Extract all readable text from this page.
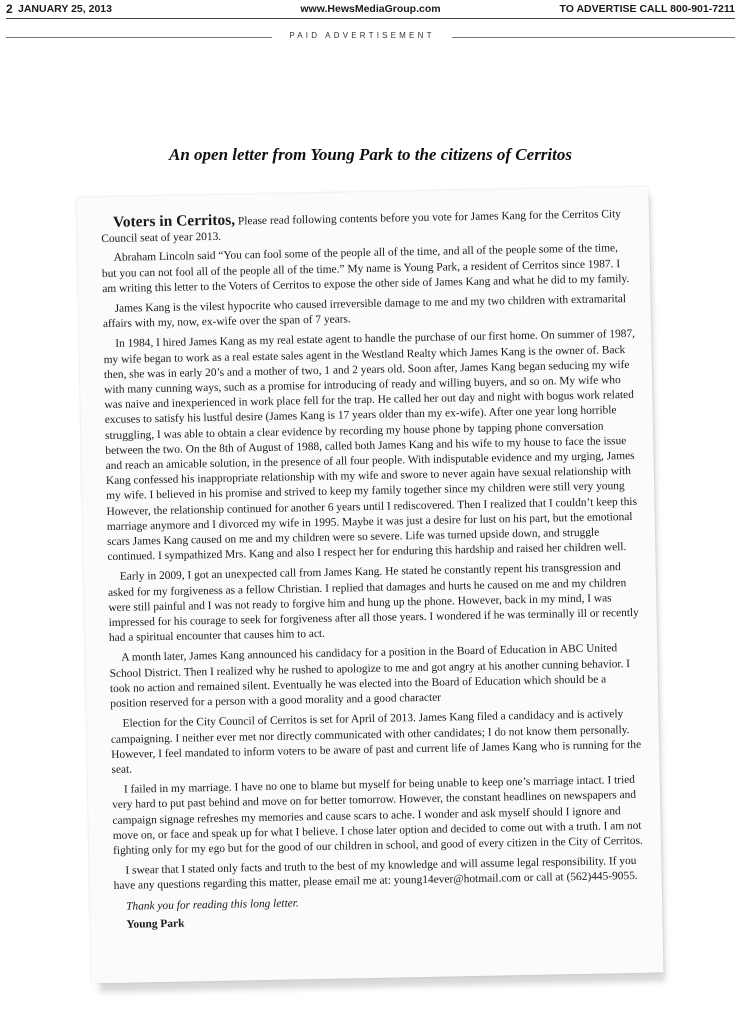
2 JANUARY 25, 2013	www.HewsMediaGroup.com	TO ADVERTISE CALL 800-901-7211
PAID ADVERTISEMENT
An open letter from Young Park to the citizens of Cerritos

Voters in Cerritos, Please read following contents before you vote for James Kang for the Cerritos City Council seat of year 2013.

Abraham Lincoln said “You can fool some of the people all of the time, and all of the people some of the time, but you can not fool all of the people all of the time.” My name is Young Park, a resident of Cerritos since 1987. I am writing this letter to the Voters of Cerritos to expose the other side of James Kang and what he did to my family.

James Kang is the vilest hypocrite who caused irreversible damage to me and my two children with extramarital affairs with my, now, ex-wife over the span of 7 years.

In 1984, I hired James Kang as my real estate agent to handle the purchase of our first home. On summer of 1987, my wife began to work as a real estate sales agent in the Westland Realty which James Kang is the owner of. Back then, she was in early 20’s and a mother of two, 1 and 2 years old. Soon after, James Kang began seducing my wife with many cunning ways, such as a promise for introducing of ready and willing buyers, and so on. My wife who was naive and inexperienced in work place fell for the trap. He called her out day and night with bogus work related excuses to satisfy his lustful desire (James Kang is 17 years older than my ex-wife). After one year long horrible struggling, I was able to obtain a clear evidence by recording my house phone by tapping phone conversation between the two. On the 8th of August of 1988, called both James Kang and his wife to my house to face the issue and reach an amicable solution, in the presence of all four people. With indisputable evidence and my urging, James Kang confessed his inappropriate relationship with my wife and swore to never again have sexual relationship with my wife. I believed in his promise and strived to keep my family together since my children were still very young However, the relationship continued for another 6 years until I rediscovered. Then I realized that I couldn’t keep this marriage anymore and I divorced my wife in 1995. Maybe it was just a desire for lust on his part, but the emotional scars James Kang caused on me and my children were so severe. Life was turned upside down, and struggle continued. I sympathized Mrs. Kang and also I respect her for enduring this hardship and raised her children well.

Early in 2009, I got an unexpected call from James Kang. He stated he constantly repent his transgression and asked for my forgiveness as a fellow Christian. I replied that damages and hurts he caused on me and my children were still painful and I was not ready to forgive him and hung up the phone. However, back in my mind, I was impressed for his courage to seek for forgiveness after all those years. I wondered if he was terminally ill or recently had a spiritual encounter that causes him to act.

A month later, James Kang announced his candidacy for a position in the Board of Education in ABC United School District. Then I realized why he rushed to apologize to me and got angry at his another cunning behavior. I took no action and remained silent. Eventually he was elected into the Board of Education which should be a position reserved for a person with a good morality and a good character

Election for the City Council of Cerritos is set for April of 2013. James Kang filed a candidacy and is actively campaigning. I neither ever met nor directly communicated with other candidates; I do not know them personally. However, I feel mandated to inform voters to be aware of past and current life of James Kang who is running for the seat.

I failed in my marriage. I have no one to blame but myself for being unable to keep one’s marriage intact. I tried very hard to put past behind and move on for better tomorrow. However, the constant headlines on newspapers and campaign signage refreshes my memories and cause scars to ache. I wonder and ask myself should I ignore and move on, or face and speak up for what I believe. I chose later option and decided to come out with a truth. I am not fighting only for my ego but for the good of our children in school, and good of every citizen in the City of Cerritos.

I swear that I stated only facts and truth to the best of my knowledge and will assume legal responsibility. If you have any questions regarding this matter, please email me at: young14ever@hotmail.com or call at (562)445-9055.

Thank you for reading this long letter.

Young Park
